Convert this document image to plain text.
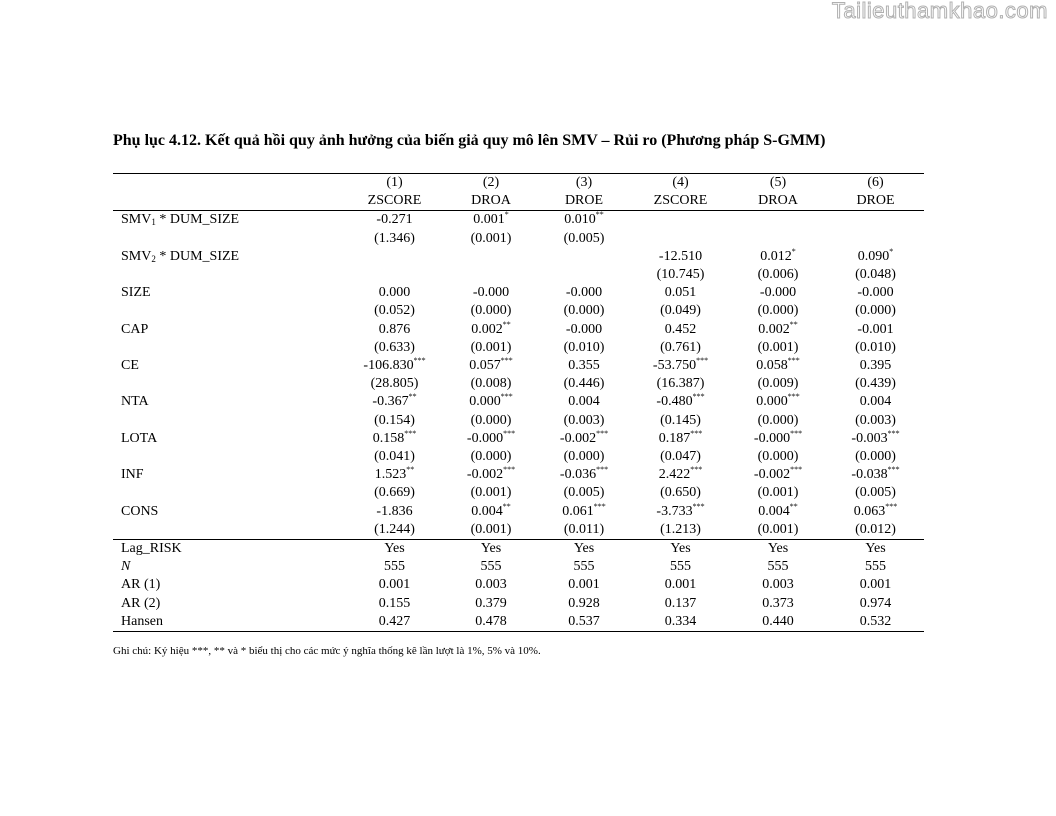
Tailieuthamkhao.com
Phụ lục 4.12. Kết quả hồi quy ảnh hưởng của biến giả quy mô lên SMV – Rủi ro (Phương pháp S-GMM)
	(1)	(2)	(3)	(4)	(5)	(6)
	ZSCORE	DROA	DROE	ZSCORE	DROA	DROE
$SMV_1$ * DUM_SIZE	-0.271	0.001*	0.010**			
	(1.346)	(0.001)	(0.005)			
$SMV_2$ * DUM_SIZE				-12.510	0.012*	0.090*
				(10.745)	(0.006)	(0.048)
SIZE	0.000	-0.000	-0.000	0.051	-0.000	-0.000
	(0.052)	(0.000)	(0.000)	(0.049)	(0.000)	(0.000)
CAP	0.876	0.002**	-0.000	0.452	0.002**	-0.001
	(0.633)	(0.001)	(0.010)	(0.761)	(0.001)	(0.010)
CE	-106.830***	0.057***	0.355	-53.750***	0.058***	0.395
	(28.805)	(0.008)	(0.446)	(16.387)	(0.009)	(0.439)
NTA	-0.367**	0.000***	0.004	-0.480***	0.000***	0.004
	(0.154)	(0.000)	(0.003)	(0.145)	(0.000)	(0.003)
LOTA	0.158***	-0.000***	-0.002***	0.187***	-0.000***	-0.003***
	(0.041)	(0.000)	(0.000)	(0.047)	(0.000)	(0.000)
INF	1.523**	-0.002***	-0.036***	2.422***	-0.002***	-0.038***
	(0.669)	(0.001)	(0.005)	(0.650)	(0.001)	(0.005)
CONS	-1.836	0.004**	0.061***	-3.733***	0.004**	0.063***
	(1.244)	(0.001)	(0.011)	(1.213)	(0.001)	(0.012)
Lag_RISK	Yes	Yes	Yes	Yes	Yes	Yes
N	555	555	555	555	555	555
AR (1)	0.001	0.003	0.001	0.001	0.003	0.001
AR (2)	0.155	0.379	0.928	0.137	0.373	0.974
Hansen	0.427	0.478	0.537	0.334	0.440	0.532
Ghi chú: Ký hiệu ***, ** và * biểu thị cho các mức ý nghĩa thống kê lần lượt là 1%, 5% và 10%.
